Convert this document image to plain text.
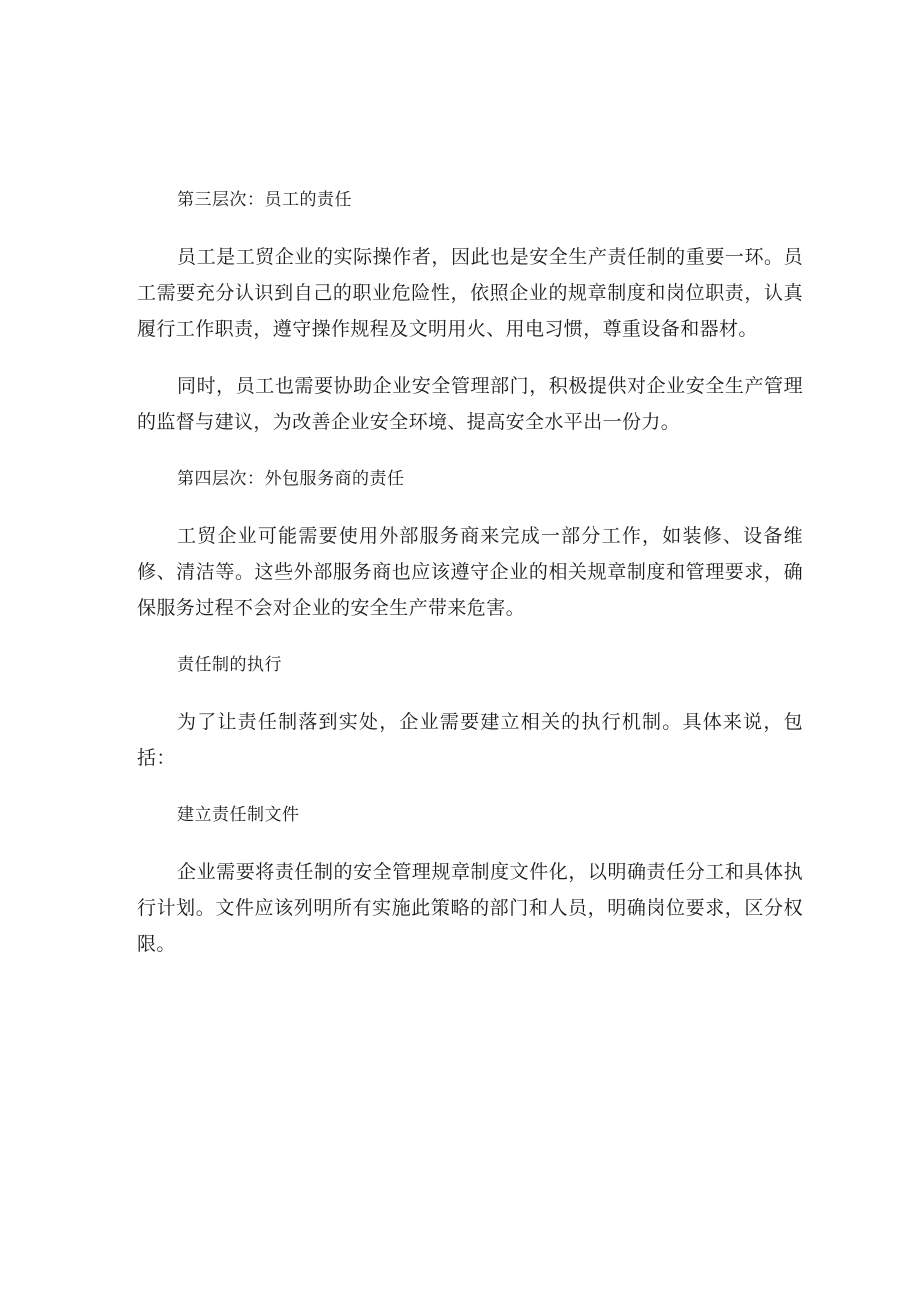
第三层次：员工的责任

员工是工贸企业的实际操作者，因此也是安全生产责任制的重要一环。员工需要充分认识到自己的职业危险性，依照企业的规章制度和岗位职责，认真履行工作职责，遵守操作规程及文明用火、用电习惯，尊重设备和器材。

同时，员工也需要协助企业安全管理部门，积极提供对企业安全生产管理的监督与建议，为改善企业安全环境、提高安全水平出一份力。

第四层次：外包服务商的责任

工贸企业可能需要使用外部服务商来完成一部分工作，如装修、设备维修、清洁等。这些外部服务商也应该遵守企业的相关规章制度和管理要求，确保服务过程不会对企业的安全生产带来危害。

责任制的执行

为了让责任制落到实处，企业需要建立相关的执行机制。具体来说，包括：

建立责任制文件

企业需要将责任制的安全管理规章制度文件化，以明确责任分工和具体执行计划。文件应该列明所有实施此策略的部门和人员，明确岗位要求，区分权限。
